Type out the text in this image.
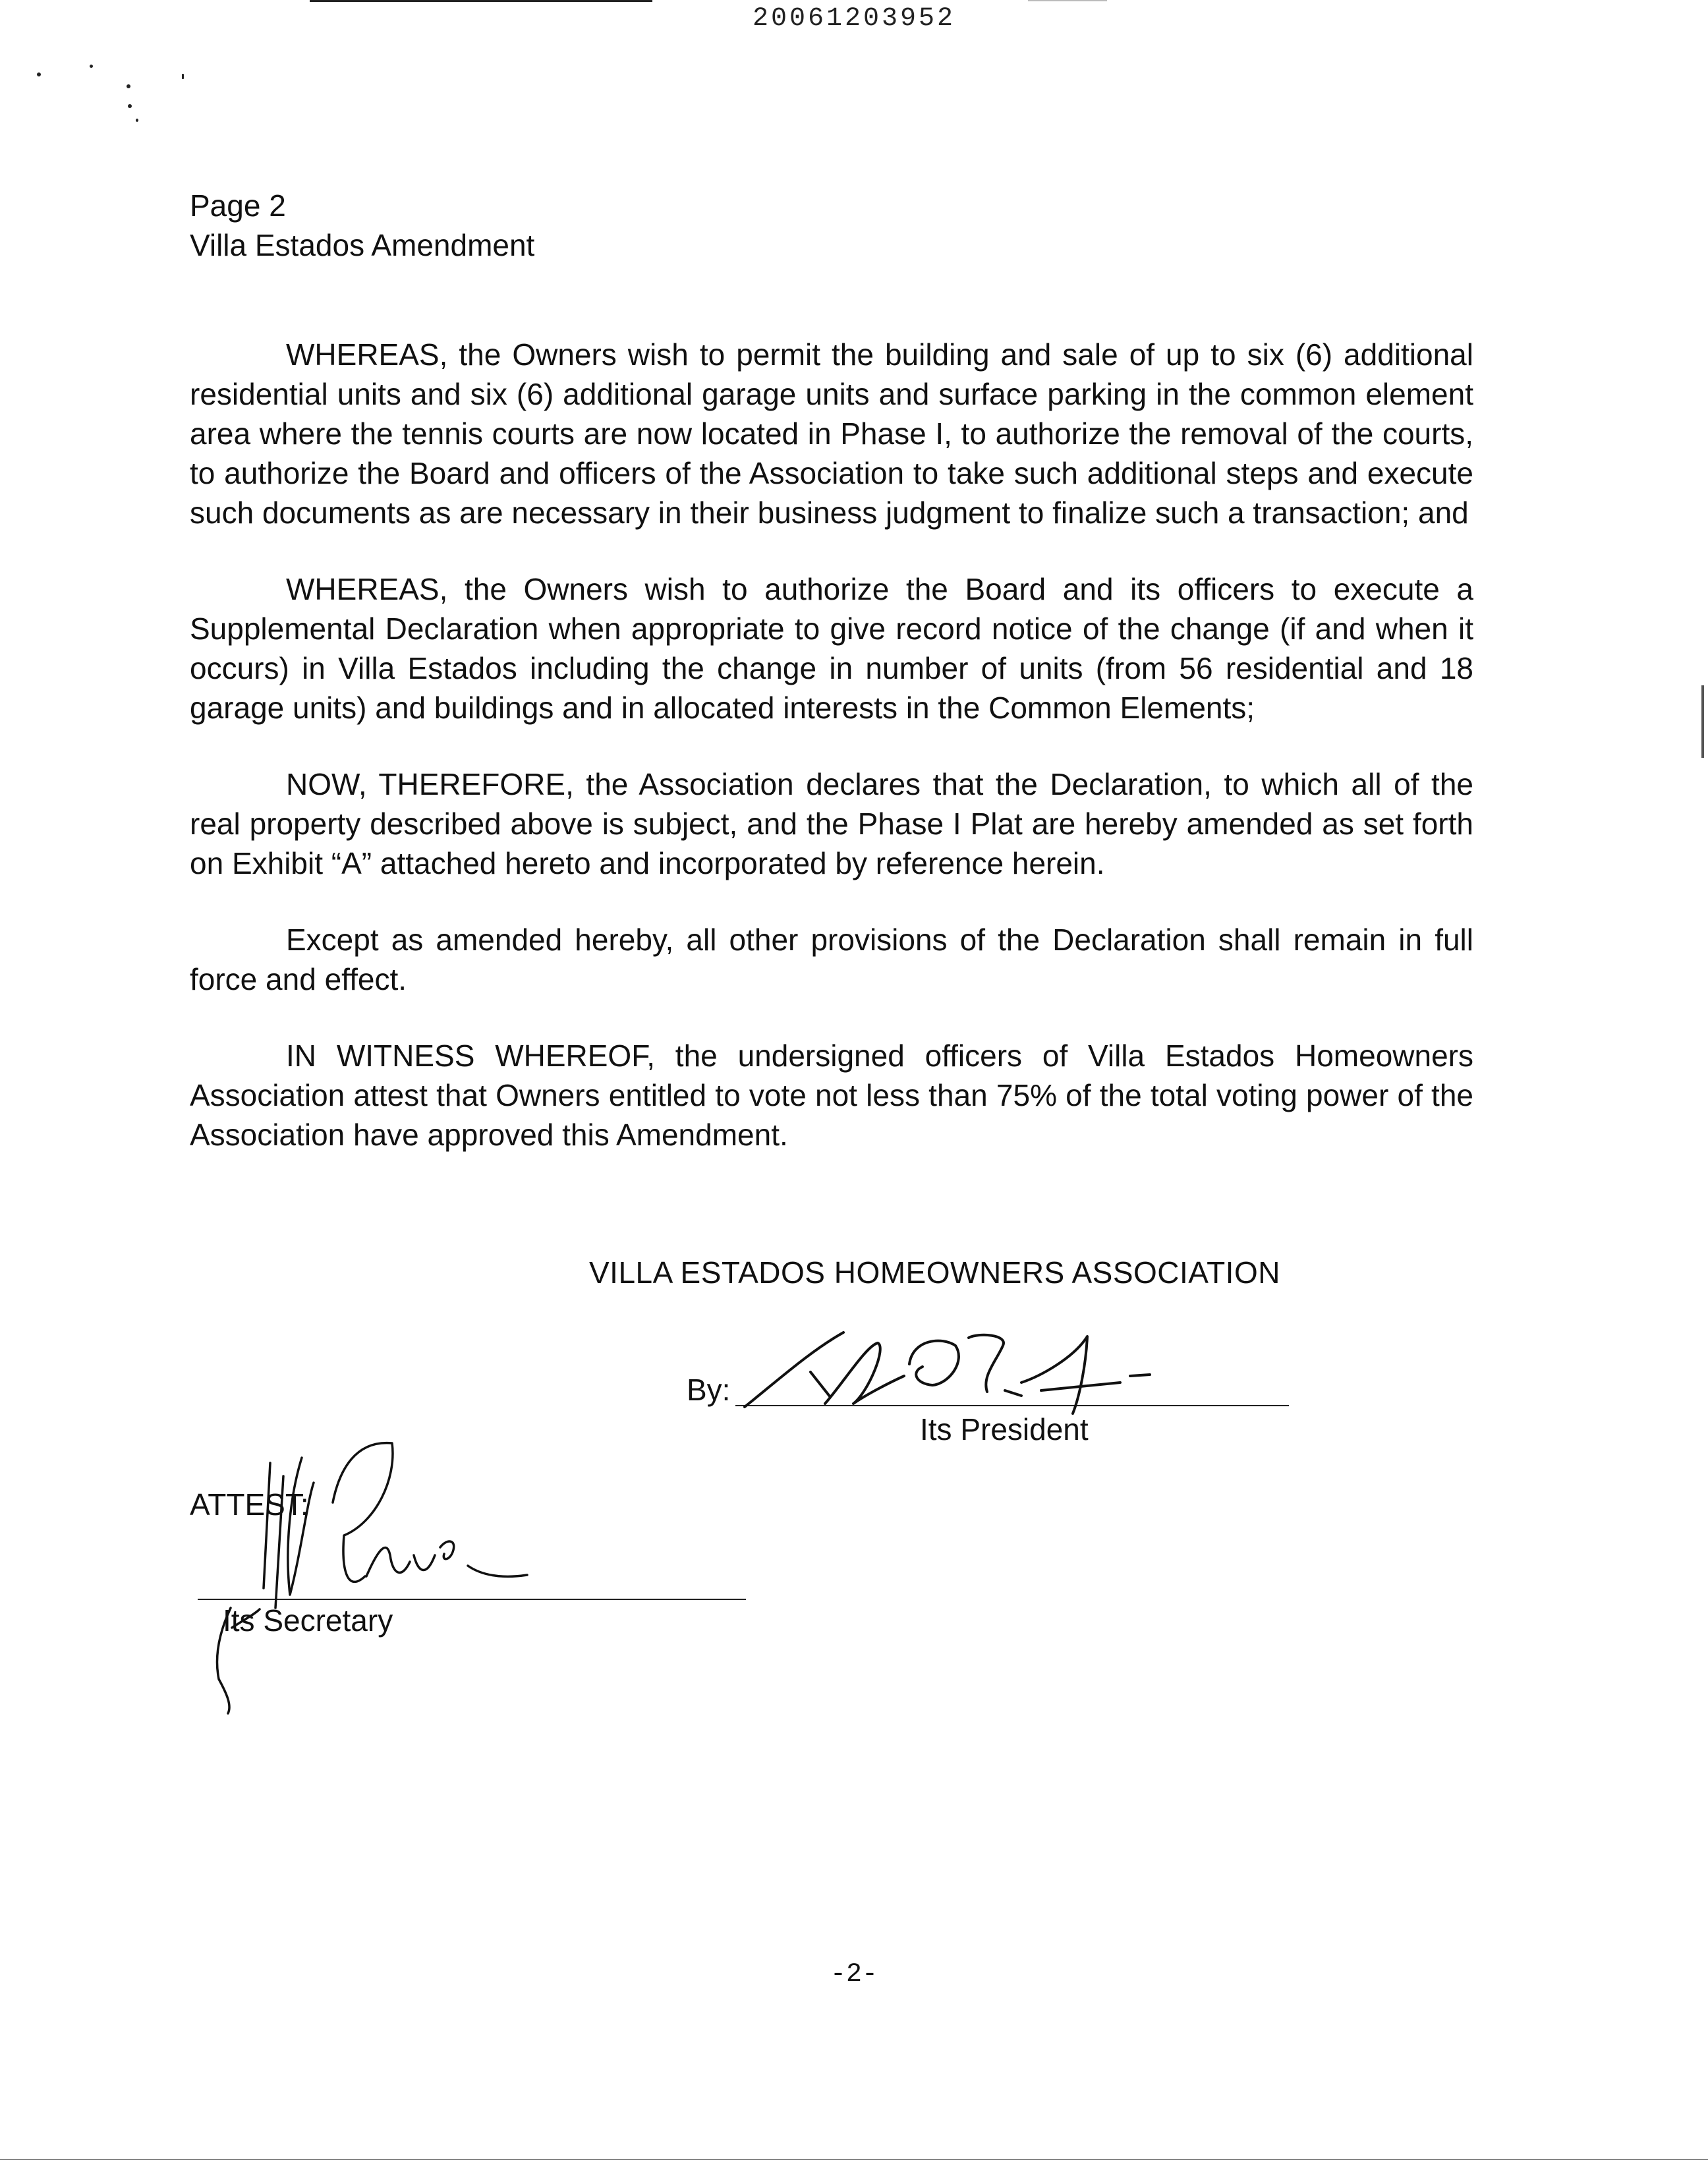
20061203952
Page 2
Villa Estados Amendment

WHEREAS, the Owners wish to permit the building and sale of up to six (6) additional residential units and six (6) additional garage units and surface parking in the common element area where the tennis courts are now located in Phase I, to authorize the removal of the courts, to authorize the Board and officers of the Association to take such additional steps and execute such documents as are necessary in their business judgment to finalize such a transaction; and

WHEREAS, the Owners wish to authorize the Board and its officers to execute a Supplemental Declaration when appropriate to give record notice of the change (if and when it occurs) in Villa Estados including the change in number of units (from 56 residential and 18 garage units) and buildings and in allocated interests in the Common Elements;

NOW, THEREFORE, the Association declares that the Declaration, to which all of the real property described above is subject, and the Phase I Plat are hereby amended as set forth on Exhibit “A” attached hereto and incorporated by reference herein.

Except as amended hereby, all other provisions of the Declaration shall remain in full force and effect.

IN WITNESS WHEREOF, the undersigned officers of Villa Estados Homeowners Association attest that Owners entitled to vote not less than 75% of the total voting power of the Association have approved this Amendment.

VILLA ESTADOS HOMEOWNERS ASSOCIATION
By:
Its President
ATTEST:
Its Secretary
-2-
